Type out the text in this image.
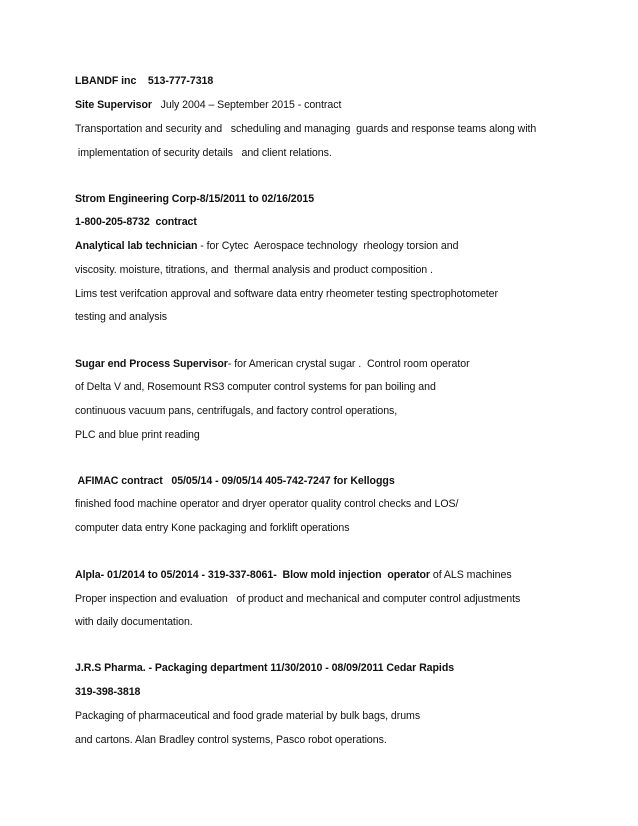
LBANDF inc    513-777-7318
Site Supervisor   July 2004 – September 2015 - contract
Transportation and security and   scheduling and managing  guards and response teams along with
implementation of security details   and client relations.
Strom Engineering Corp-8/15/2011 to 02/16/2015
1-800-205-8732  contract
Analytical lab technician - for Cytec  Aerospace technology  rheology torsion and
viscosity. moisture, titrations, and  thermal analysis and product composition .
Lims test verifcation approval and software data entry rheometer testing spectrophotometer
testing and analysis
Sugar end Process Supervisor- for American crystal sugar .  Control room operator
of Delta V and, Rosemount RS3 computer control systems for pan boiling and
continuous vacuum pans, centrifugals, and factory control operations,
PLC and blue print reading
AFIMAC contract   05/05/14 - 09/05/14 405-742-7247 for Kelloggs
finished food machine operator and dryer operator quality control checks and LOS/
computer data entry Kone packaging and forklift operations
Alpla- 01/2014 to 05/2014 - 319-337-8061-  Blow mold injection  operator of ALS machines
Proper inspection and evaluation   of product and mechanical and computer control adjustments
with daily documentation.
J.R.S Pharma. - Packaging department 11/30/2010 - 08/09/2011 Cedar Rapids
319-398-3818
Packaging of pharmaceutical and food grade material by bulk bags, drums
and cartons. Alan Bradley control systems, Pasco robot operations.
